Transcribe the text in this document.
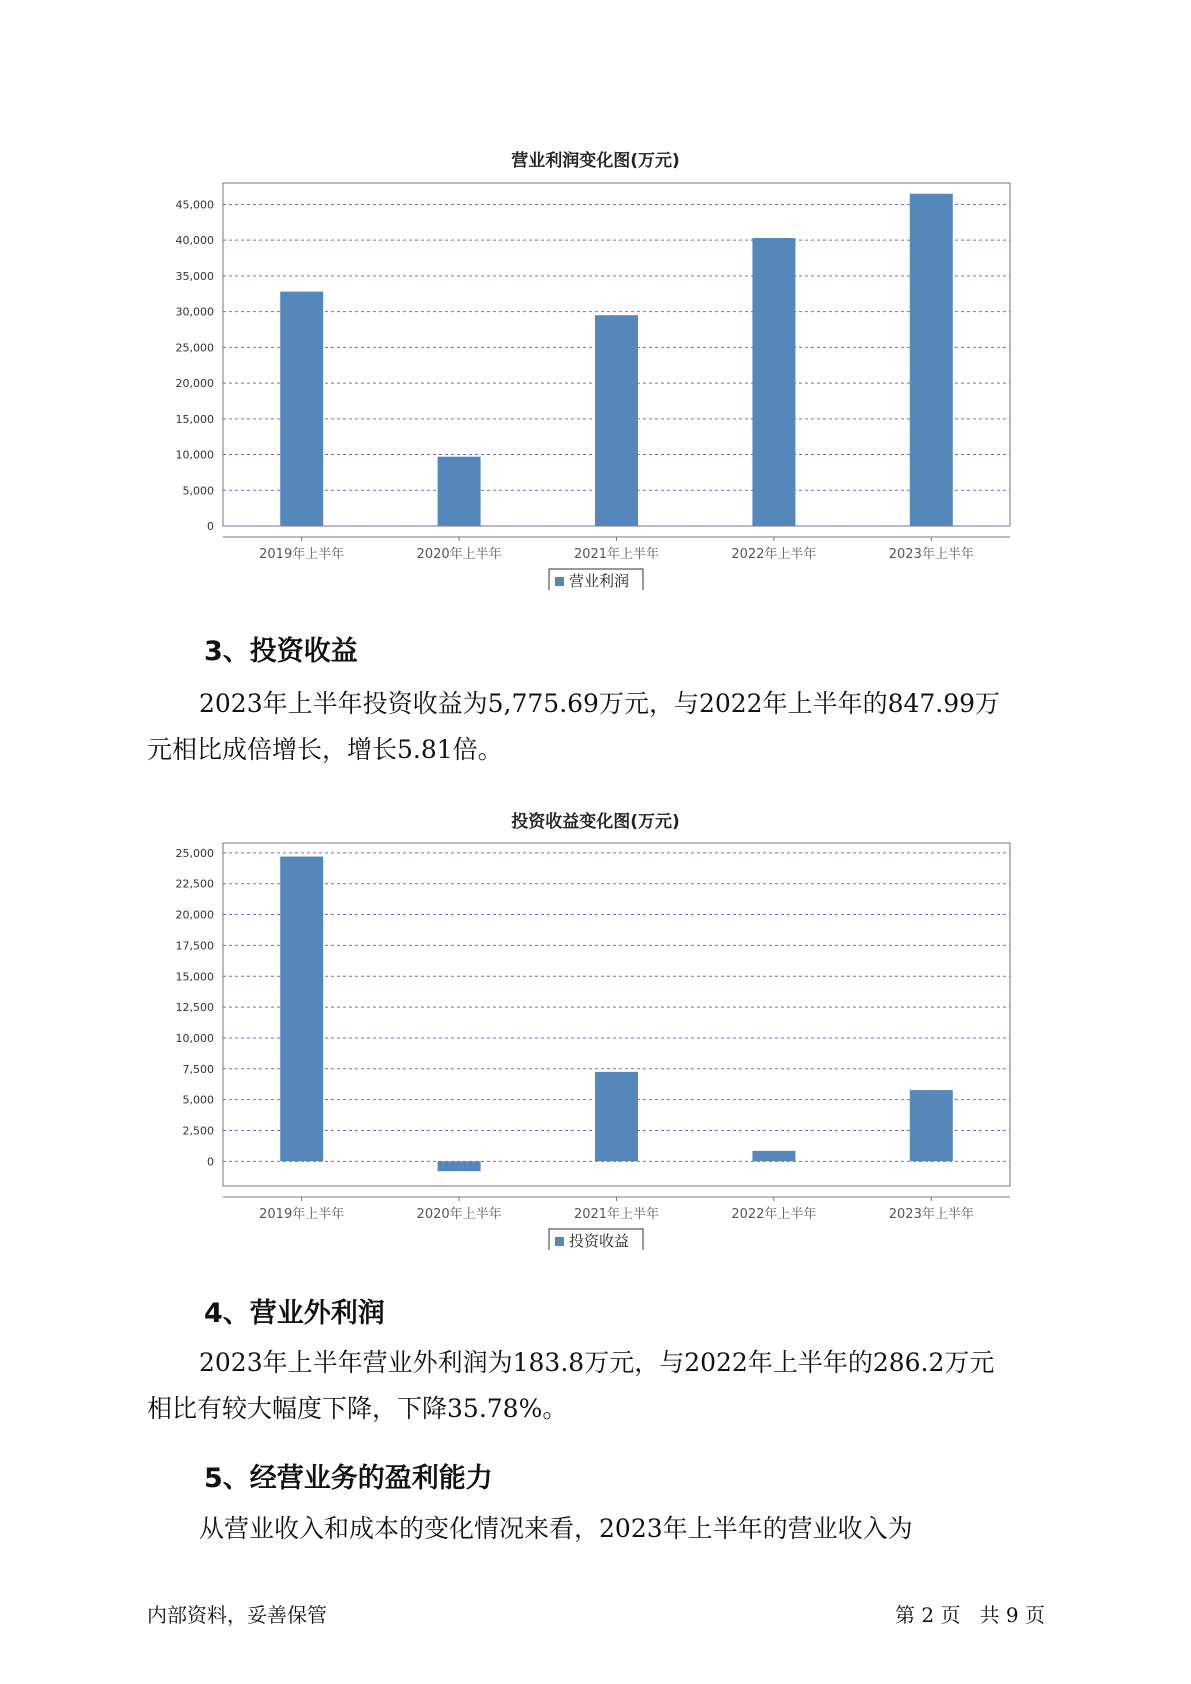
营业利润变化图(万元)
0
5,000
10,000
15,000
20,000
25,000
30,000
35,000
40,000
45,000
2019年上半年	2020年上半年	2021年上半年	2022年上半年	2023年上半年
营业利润
3、投资收益
2023年上半年投资收益为5,775.69万元，与2022年上半年的847.99万
元相比成倍增长，增长5.81倍。
投资收益变化图(万元)
0
2,500
5,000
7,500
10,000
12,500
15,000
17,500
20,000
22,500
25,000
2019年上半年	2020年上半年	2021年上半年	2022年上半年	2023年上半年
投资收益
4、营业外利润
2023年上半年营业外利润为183.8万元，与2022年上半年的286.2万元
相比有较大幅度下降，下降35.78%。
5、经营业务的盈利能力
从营业收入和成本的变化情况来看，2023年上半年的营业收入为
内部资料，妥善保管	第 2 页   共 9 页
